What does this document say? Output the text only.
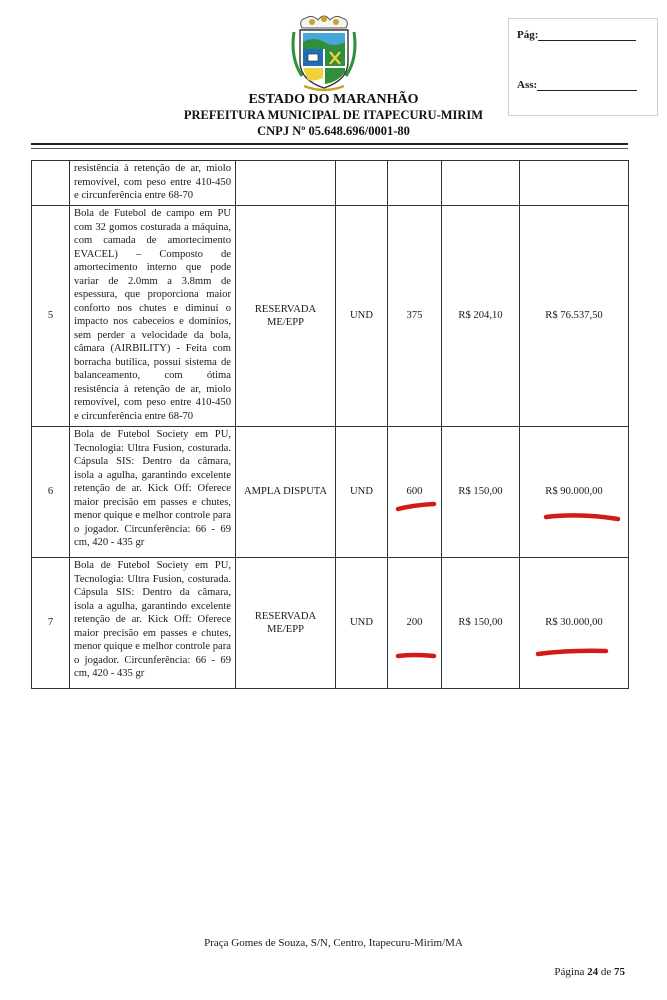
Pág:
Ass:
ESTADO DO MARANHÃO
PREFEITURA MUNICIPAL DE ITAPECURU-MIRIM
CNPJ Nº 05.648.696/0001-80

	resistência à retenção de ar, miolo removível, com peso entre 410-450 e circunferência entre 68-70					

5	Bola de Futebol de campo em PU com 32 gomos costurada a máquina, com camada de amortecimento EVACEL) – Composto de amortecimento interno que pode variar de 2.0mm a 3.8mm de espessura, que proporciona maior conforto nos chutes e diminuí o impacto nos cabeceios e domínios, sem perder a velocidade da bola, câmara (AIRBILITY) - Feita com borracha butílica, possui sistema de balanceamento, com ótima resistência à retenção de ar, miolo removível, com peso entre 410-450 e circunferência entre 68-70	RESERVADA ME/EPP	UND	375	R$ 204,10	R$ 76.537,50
6	Bola de Futebol Society em PU, Tecnologia: Ultra Fusion, costurada. Cápsula SIS: Dentro da câmara, isola a agulha, garantindo excelente retenção de ar. Kick Off: Oferece maior precisão em passes e chutes, menor quique e melhor controle para o jogador. Circunferência: 66 - 69 cm, 420 - 435 gr	AMPLA DISPUTA	UND	600	R$ 150,00	R$ 90.000,00

7	Bola de Futebol Society em PU, Tecnologia: Ultra Fusion, costurada. Cápsula SIS: Dentro da câmara, isola a agulha, garantindo excelente retenção de ar. Kick Off: Oferece maior precisão em passes e chutes, menor quique e melhor controle para o jogador. Circunferência: 66 - 69 cm, 420 - 435 gr	RESERVADA ME/EPP	UND	200	R$ 150,00	R$ 30.000,00
Praça Gomes de Souza, S/N, Centro, Itapecuru-Mirim/MA
Página 24 de 75
